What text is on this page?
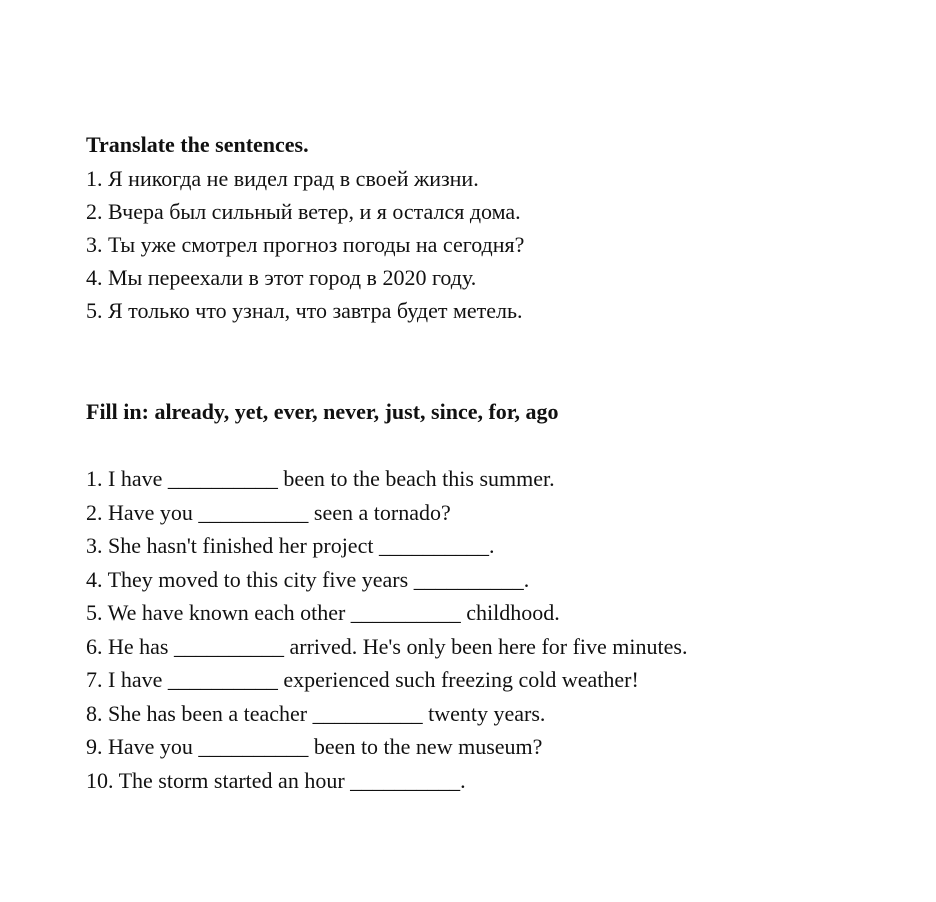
Translate the sentences.

1. Я никогда не видел град в своей жизни.

2. Вчера был сильный ветер, и я остался дома.

3. Ты уже смотрел прогноз погоды на сегодня?

4. Мы переехали в этот город в 2020 году.

5. Я только что узнал, что завтра будет метель.

Fill in: already, yet, ever, never, just, since, for, ago

1. I have __________ been to the beach this summer.

2. Have you __________ seen a tornado?

3. She hasn't finished her project __________.

4. They moved to this city five years __________.

5. We have known each other __________ childhood.

6. He has __________ arrived. He's only been here for five minutes.

7. I have __________ experienced such freezing cold weather!

8. She has been a teacher __________ twenty years.

9. Have you __________ been to the new museum?

10. The storm started an hour __________.
